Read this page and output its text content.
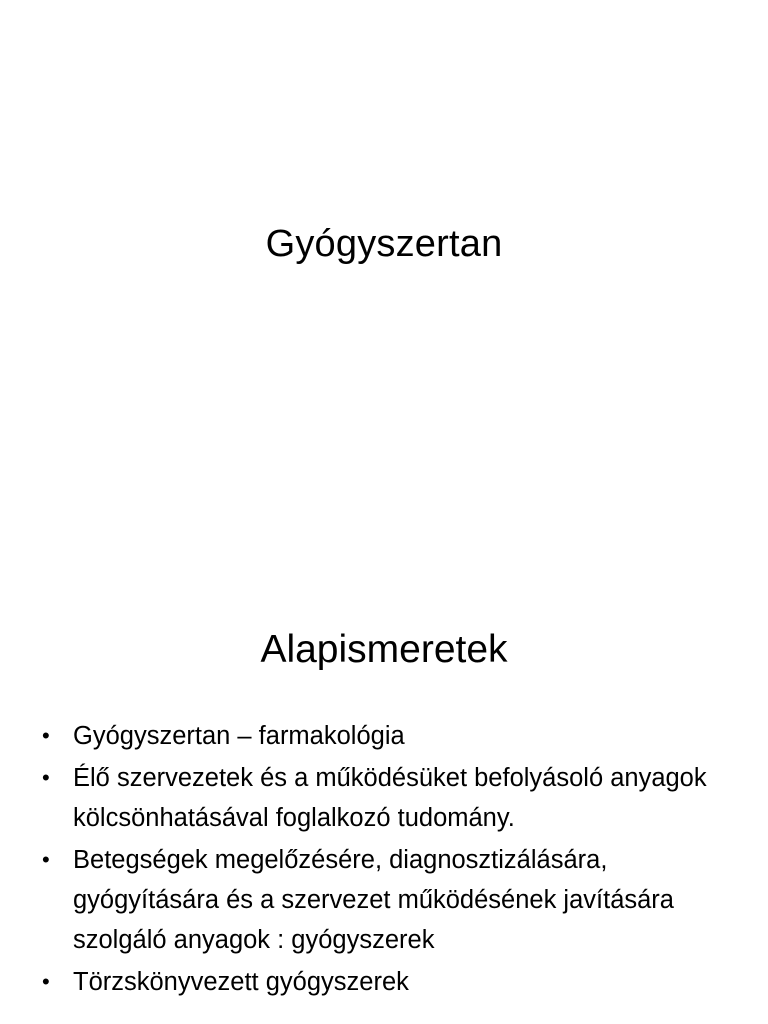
Gyógyszertan
Alapismeretek
• Gyógyszertan – farmakológia
• Élő szervezetek és a működésüket befolyásoló anyagok kölcsönhatásával foglalkozó tudomány.
• Betegségek megelőzésére, diagnosztizálására, gyógyítására és a szervezet működésének javítására szolgáló anyagok : gyógyszerek
• Törzskönyvezett gyógyszerek
